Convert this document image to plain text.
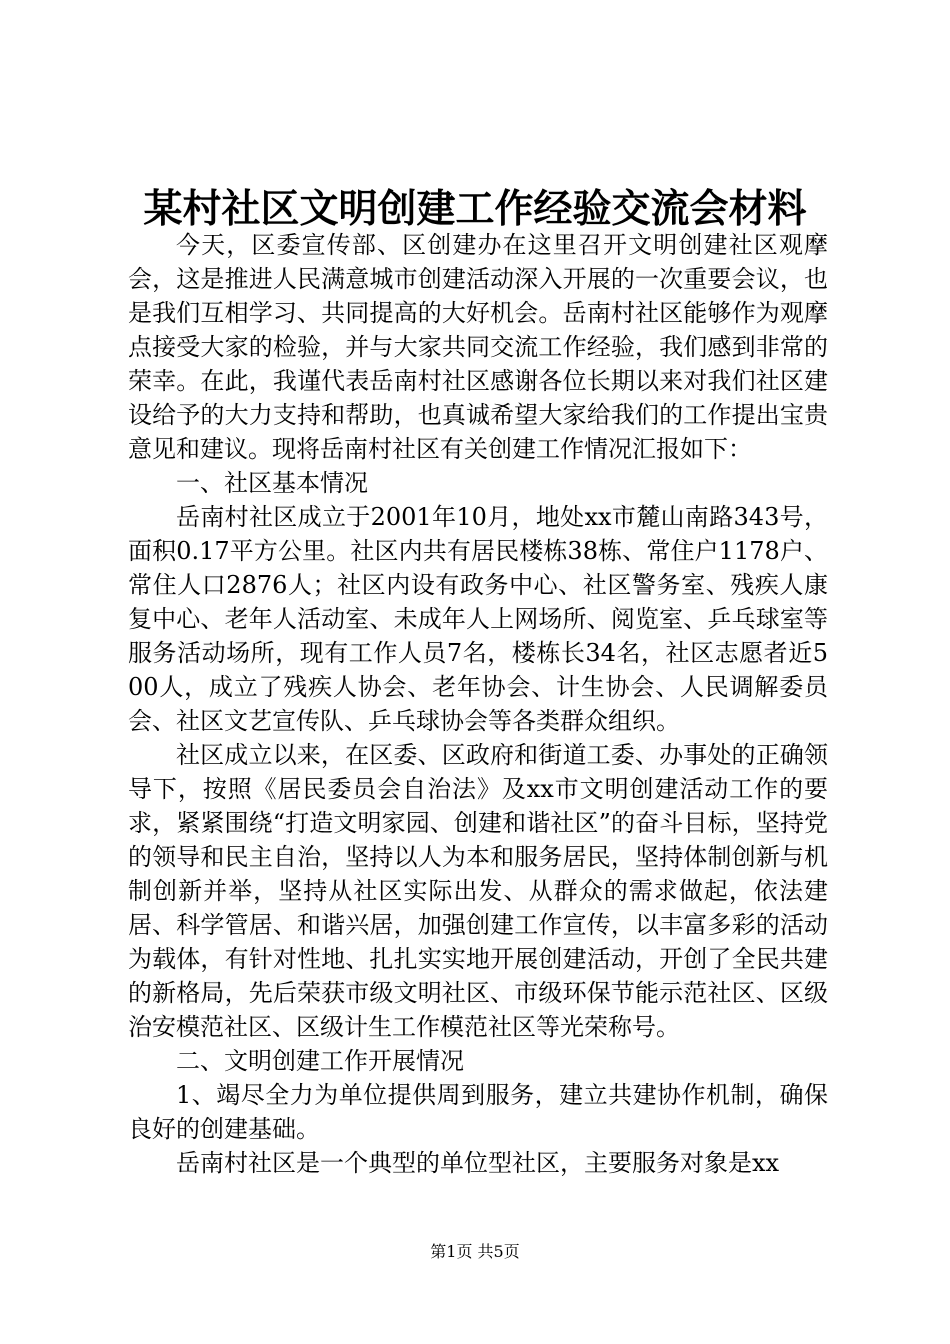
某村社区文明创建工作经验交流会材料

今天，区委宣传部、区创建办在这里召开文明创建社区观摩会，这是推进人民满意城市创建活动深入开展的一次重要会议，也是我们互相学习、共同提高的大好机会。岳南村社区能够作为观摩点接受大家的检验，并与大家共同交流工作经验，我们感到非常的荣幸。在此，我谨代表岳南村社区感谢各位长期以来对我们社区建设给予的大力支持和帮助，也真诚希望大家给我们的工作提出宝贵意见和建议。现将岳南村社区有关创建工作情况汇报如下：

一、社区基本情况

岳南村社区成立于2001年10月，地处xx市麓山南路343号，面积0.17平方公里。社区内共有居民楼栋38栋、常住户1178户、常住人口2876人；社区内设有政务中心、社区警务室、残疾人康复中心、老年人活动室、未成年人上网场所、阅览室、乒乓球室等服务活动场所，现有工作人员7名，楼栋长34名，社区志愿者近500人，成立了残疾人协会、老年协会、计生协会、人民调解委员会、社区文艺宣传队、乒乓球协会等各类群众组织。

社区成立以来，在区委、区政府和街道工委、办事处的正确领导下，按照《居民委员会自治法》及xx市文明创建活动工作的要求，紧紧围绕“打造文明家园、创建和谐社区”的奋斗目标，坚持党的领导和民主自治，坚持以人为本和服务居民，坚持体制创新与机制创新并举，坚持从社区实际出发、从群众的需求做起，依法建居、科学管居、和谐兴居，加强创建工作宣传，以丰富多彩的活动为载体，有针对性地、扎扎实实地开展创建活动，开创了全民共建的新格局，先后荣获市级文明社区、市级环保节能示范社区、区级治安模范社区、区级计生工作模范社区等光荣称号。

二、文明创建工作开展情况

1、竭尽全力为单位提供周到服务，建立共建协作机制，确保良好的创建基础。

岳南村社区是一个典型的单位型社区，主要服务对象是xx

第1页 共5页
